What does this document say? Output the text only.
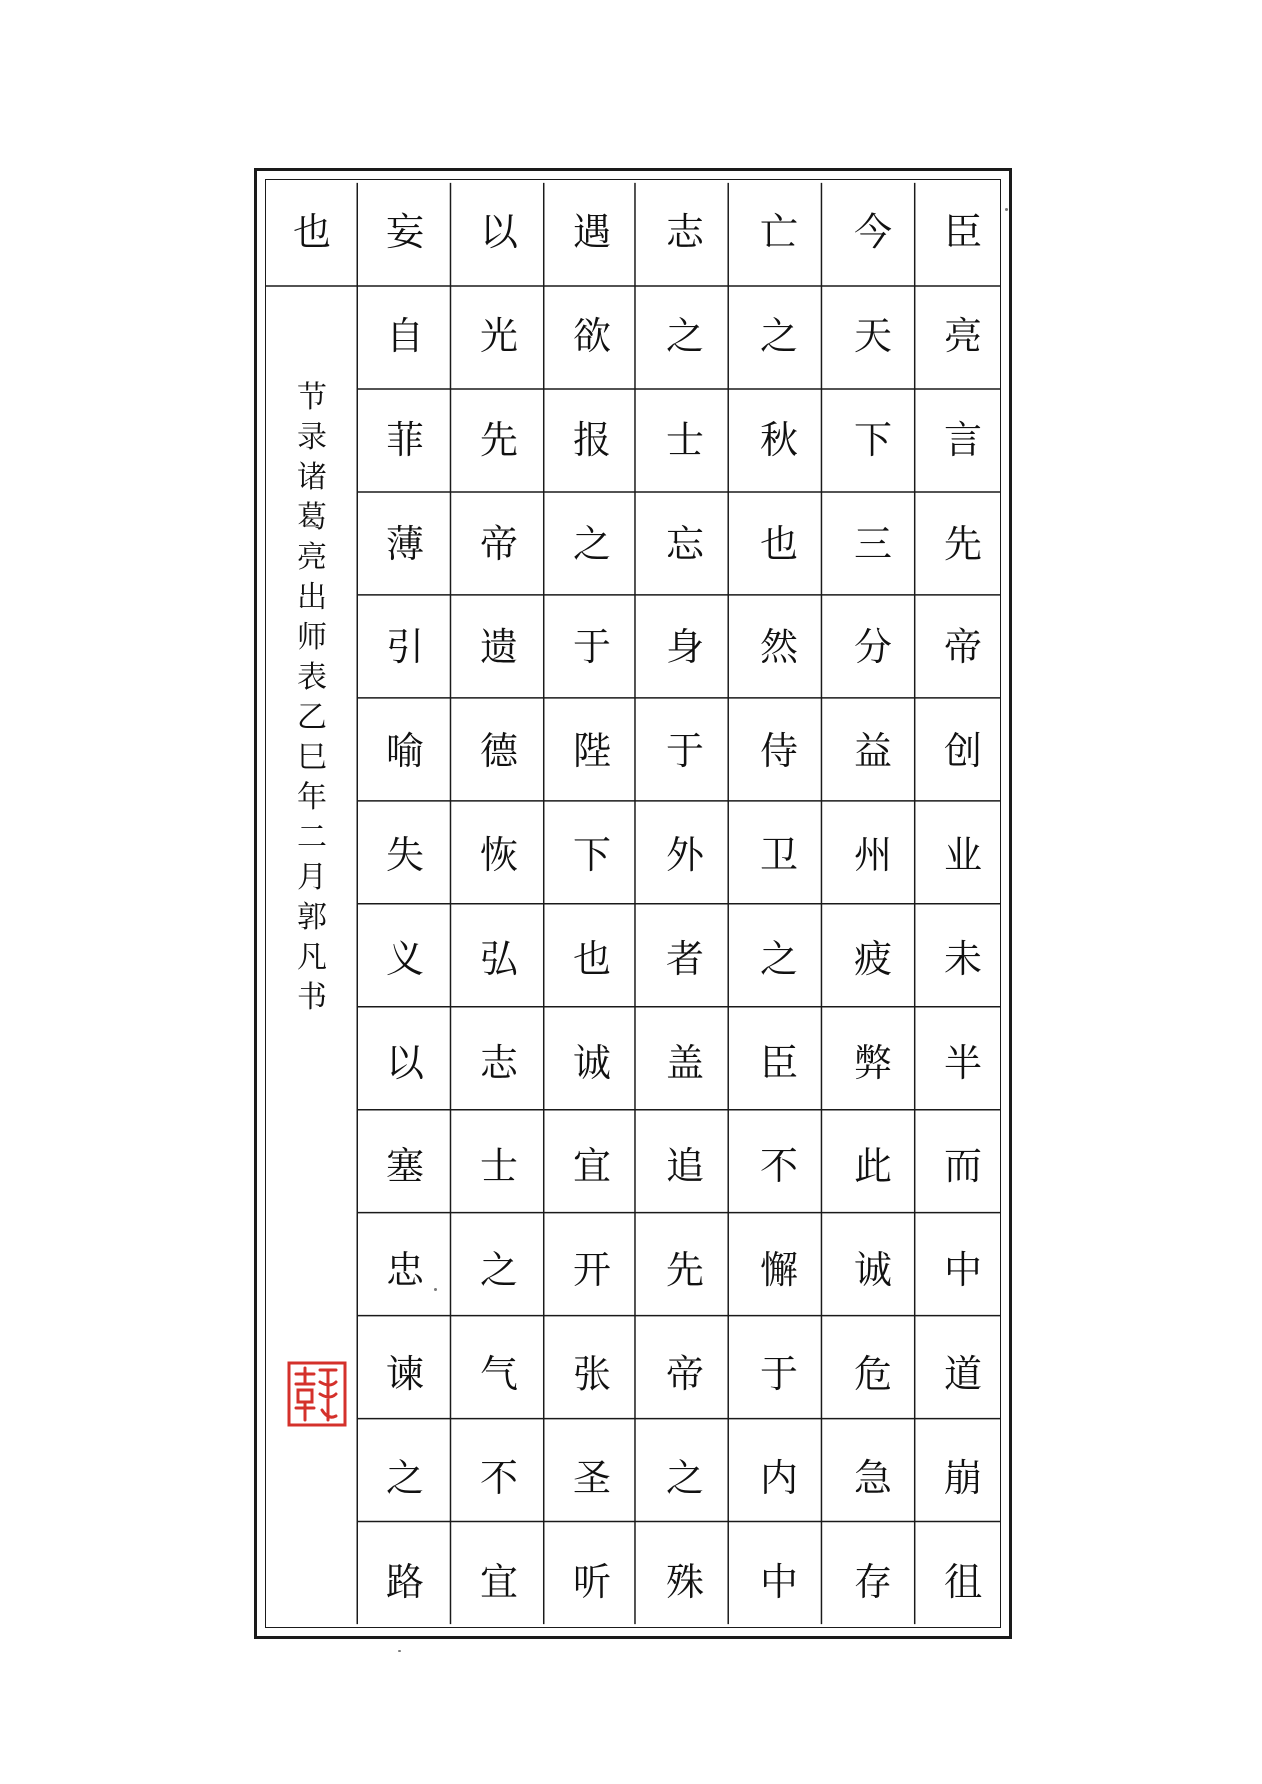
臣
今
亡
志
遇
以
妄
也
亮
言
先
帝
创
业
未
半
而
中
道
崩
徂
天
下
三
分
益
州
疲
弊
此
诚
危
急
存
之
秋
也
然
侍
卫
之
臣
不
懈
于
内
中
之
士
忘
身
于
外
者
盖
追
先
帝
之
殊
欲
报
之
于
陛
下
也
诚
宜
开
张
圣
听
光
先
帝
遗
德
恢
弘
志
士
之
气
不
宜
自
菲
薄
引
喻
失
义
以
塞
忠
谏
之
路
节
录
诸
葛
亮
出
师
表
乙
巳
年
二
月
郭
凡
书
